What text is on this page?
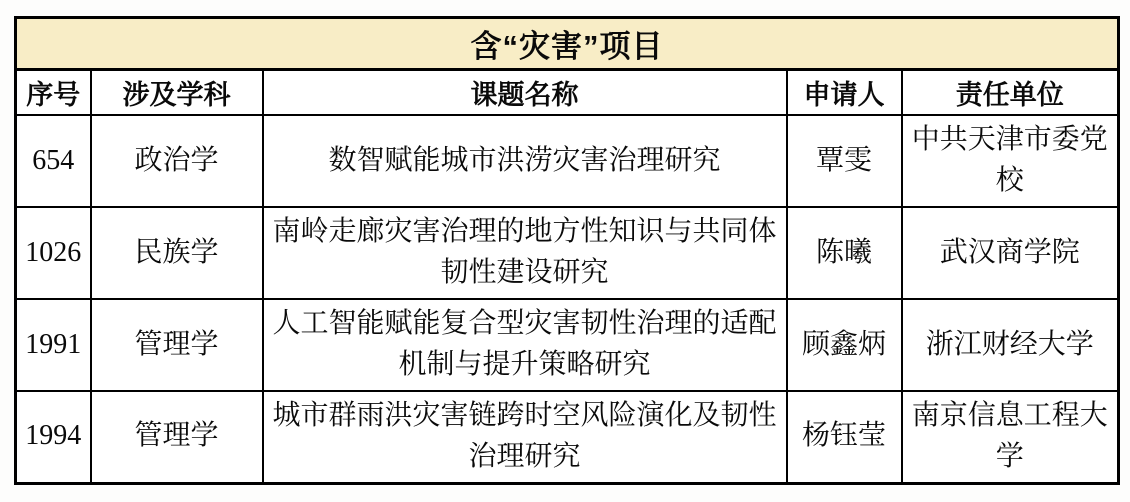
含“灾害”项目				
序号	涉及学科	课题名称	申请人	责任单位
654	政治学	数智赋能城市洪涝灾害治理研究	覃雯	中共天津市委党校
1026	民族学	南岭走廊灾害治理的地方性知识与共同体韧性建设研究	陈曦	武汉商学院
1991	管理学	人工智能赋能复合型灾害韧性治理的适配机制与提升策略研究	顾鑫炳	浙江财经大学
1994	管理学	城市群雨洪灾害链跨时空风险演化及韧性治理研究	杨钰莹	南京信息工程大学
